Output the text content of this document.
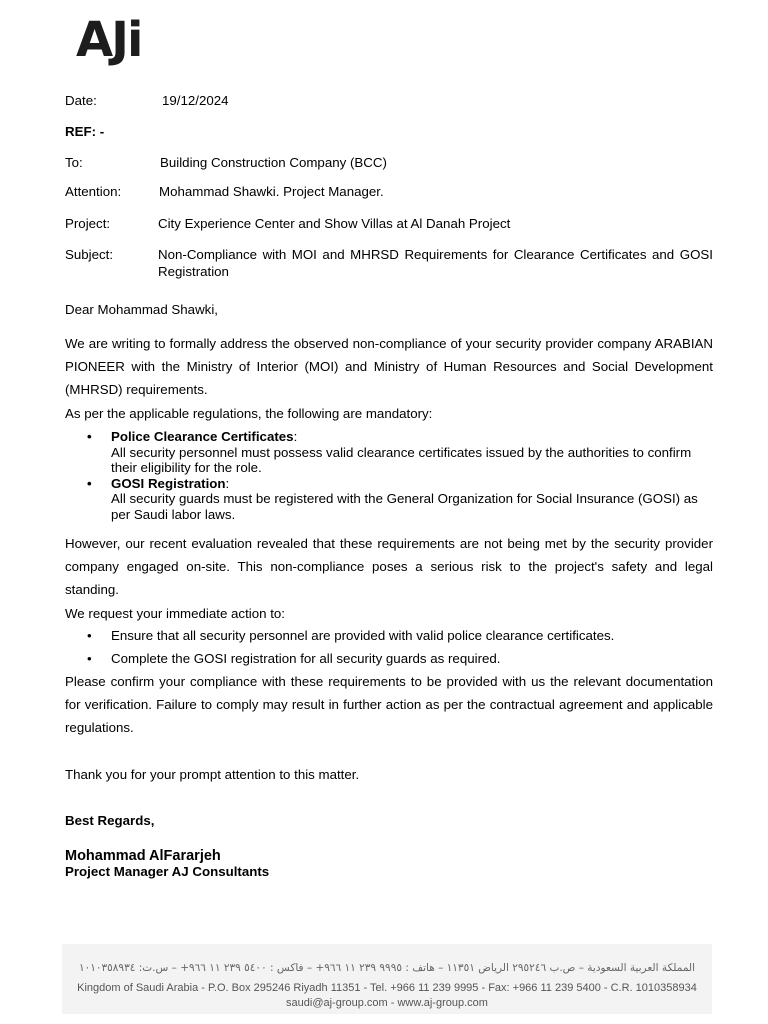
AJi
Date:	19/12/2024
REF: -
To:	Building Construction Company (BCC)
Attention:	Mohammad Shawki. Project Manager.
Project:	City Experience Center and Show Villas at Al Danah Project
Subject:	Non-Compliance with MOI and MHRSD Requirements for Clearance Certificates and GOSI Registration
Dear Mohammad Shawki,
We are writing to formally address the observed non-compliance of your security provider company ARABIAN PIONEER with the Ministry of Interior (MOI) and Ministry of Human Resources and Social Development (MHRSD) requirements.
As per the applicable regulations, the following are mandatory:
• Police Clearance Certificates:
All security personnel must possess valid clearance certificates issued by the authorities to confirm their eligibility for the role.
• GOSI Registration:
All security guards must be registered with the General Organization for Social Insurance (GOSI) as per Saudi labor laws.
However, our recent evaluation revealed that these requirements are not being met by the security provider company engaged on-site. This non-compliance poses a serious risk to the project's safety and legal standing.
We request your immediate action to:
• Ensure that all security personnel are provided with valid police clearance certificates.
• Complete the GOSI registration for all security guards as required.
Please confirm your compliance with these requirements to be provided with us the relevant documentation for verification. Failure to comply may result in further action as per the contractual agreement and applicable regulations.
Thank you for your prompt attention to this matter.
Best Regards,
Mohammad AlFararjeh
Project Manager AJ Consultants
المملكة العربية السعودية – ص.ب ٢٩٥٢٤٦ الرياض ١١٣٥١ – هاتف : ٩٩٩٥ ٢٣٩ ١١ ٩٦٦+ – فاكس : ٥٤٠٠ ٢٣٩ ١١ ٩٦٦+ – س.ت: ١٠١٠٣٥٨٩٣٤
Kingdom of Saudi Arabia - P.O. Box 295246 Riyadh 11351 - Tel. +966 11 239 9995 - Fax: +966 11 239 5400 - C.R. 1010358934
saudi@aj-group.com - www.aj-group.com
